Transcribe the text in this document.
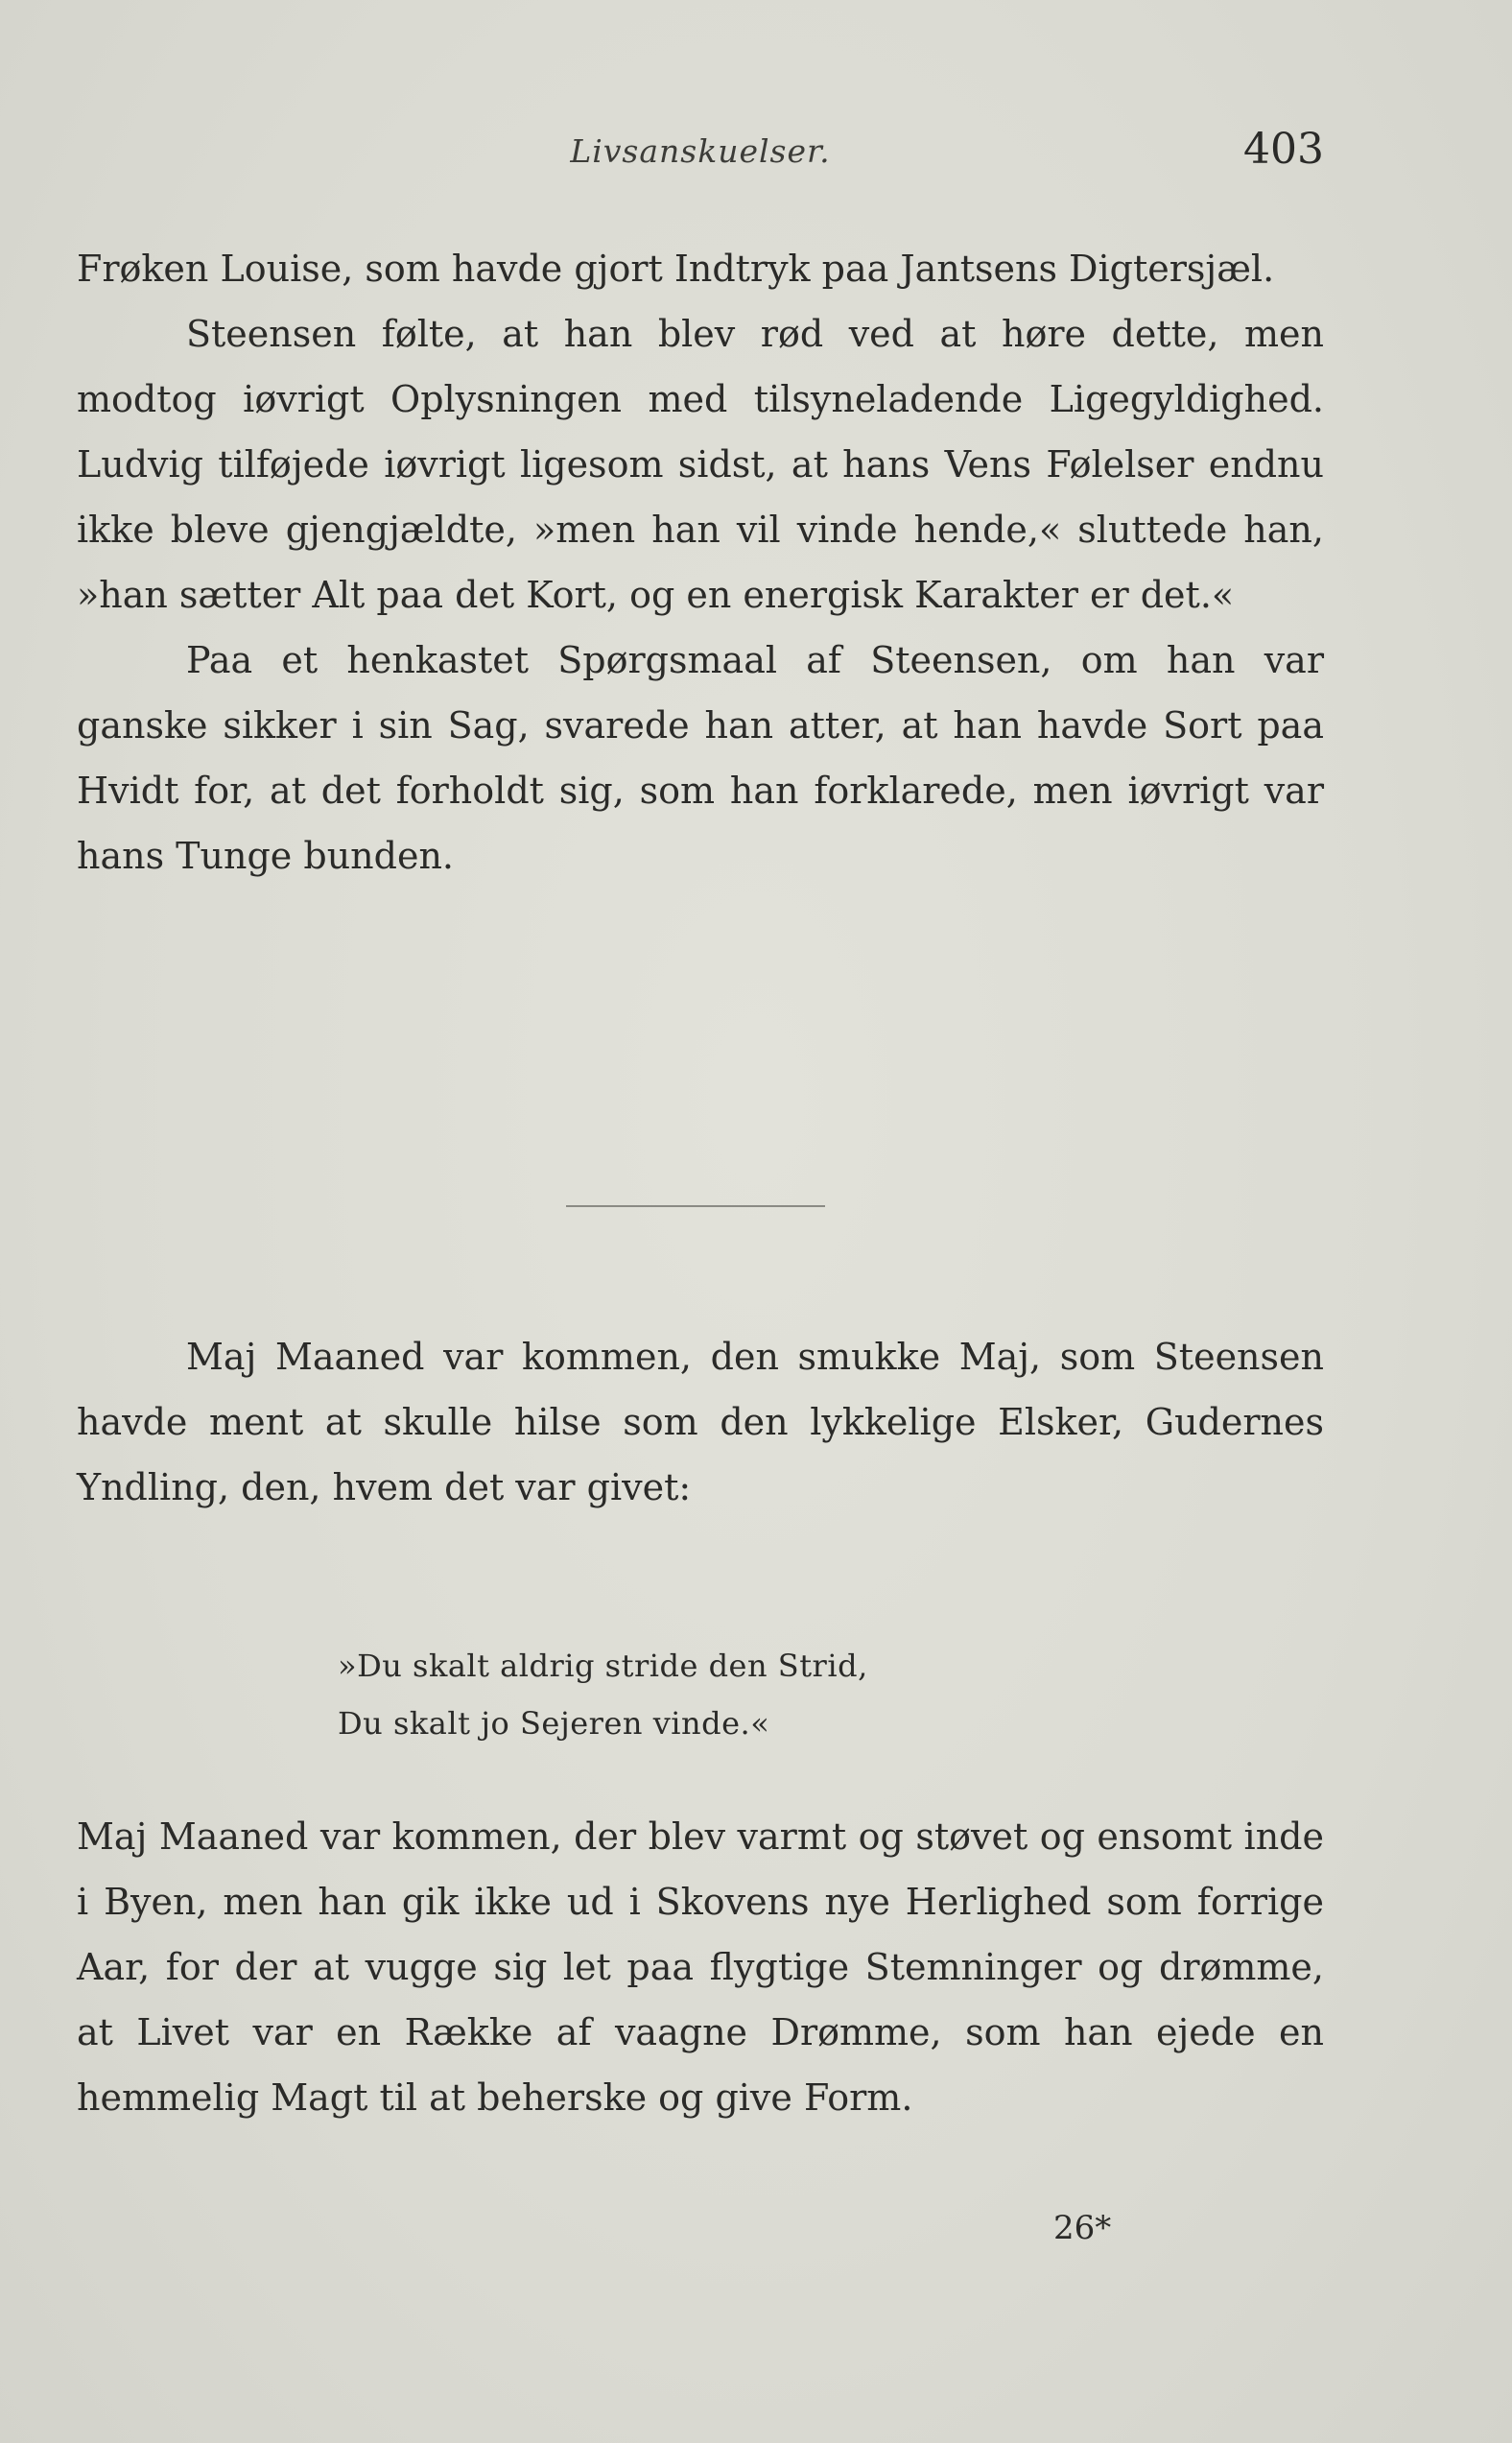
Livsanskuelser.	403

Frøken Louise, som havde gjort Indtryk paa Jantsens Digtersjæl.

Steensen følte, at han blev rød ved at høre dette, men modtog iøvrigt Oplysningen med tilsyneladende Ligegyldighed. Ludvig tilføjede iøvrigt ligesom sidst, at hans Vens Følelser endnu ikke bleve gjengjældte, »men han vil vinde hende,« sluttede han, »han sætter Alt paa det Kort, og en energisk Karakter er det.«

Paa et henkastet Spørgsmaal af Steensen, om han var ganske sikker i sin Sag, svarede han atter, at han havde Sort paa Hvidt for, at det forholdt sig, som han forklarede, men iøvrigt var hans Tunge bunden.

Maj Maaned var kommen, den smukke Maj, som Steensen havde ment at skulle hilse som den lykkelige Elsker, Gudernes Yndling, den, hvem det var givet:

»Du skalt aldrig stride den Strid,

Du skalt jo Sejeren vinde.«

Maj Maaned var kommen, der blev varmt og støvet og ensomt inde i Byen, men han gik ikke ud i Skovens nye Herlighed som forrige Aar, for der at vugge sig let paa flygtige Stemninger og drømme, at Livet var en Række af vaagne Drømme, som han ejede en hemmelig Magt til at beherske og give Form.

26*
